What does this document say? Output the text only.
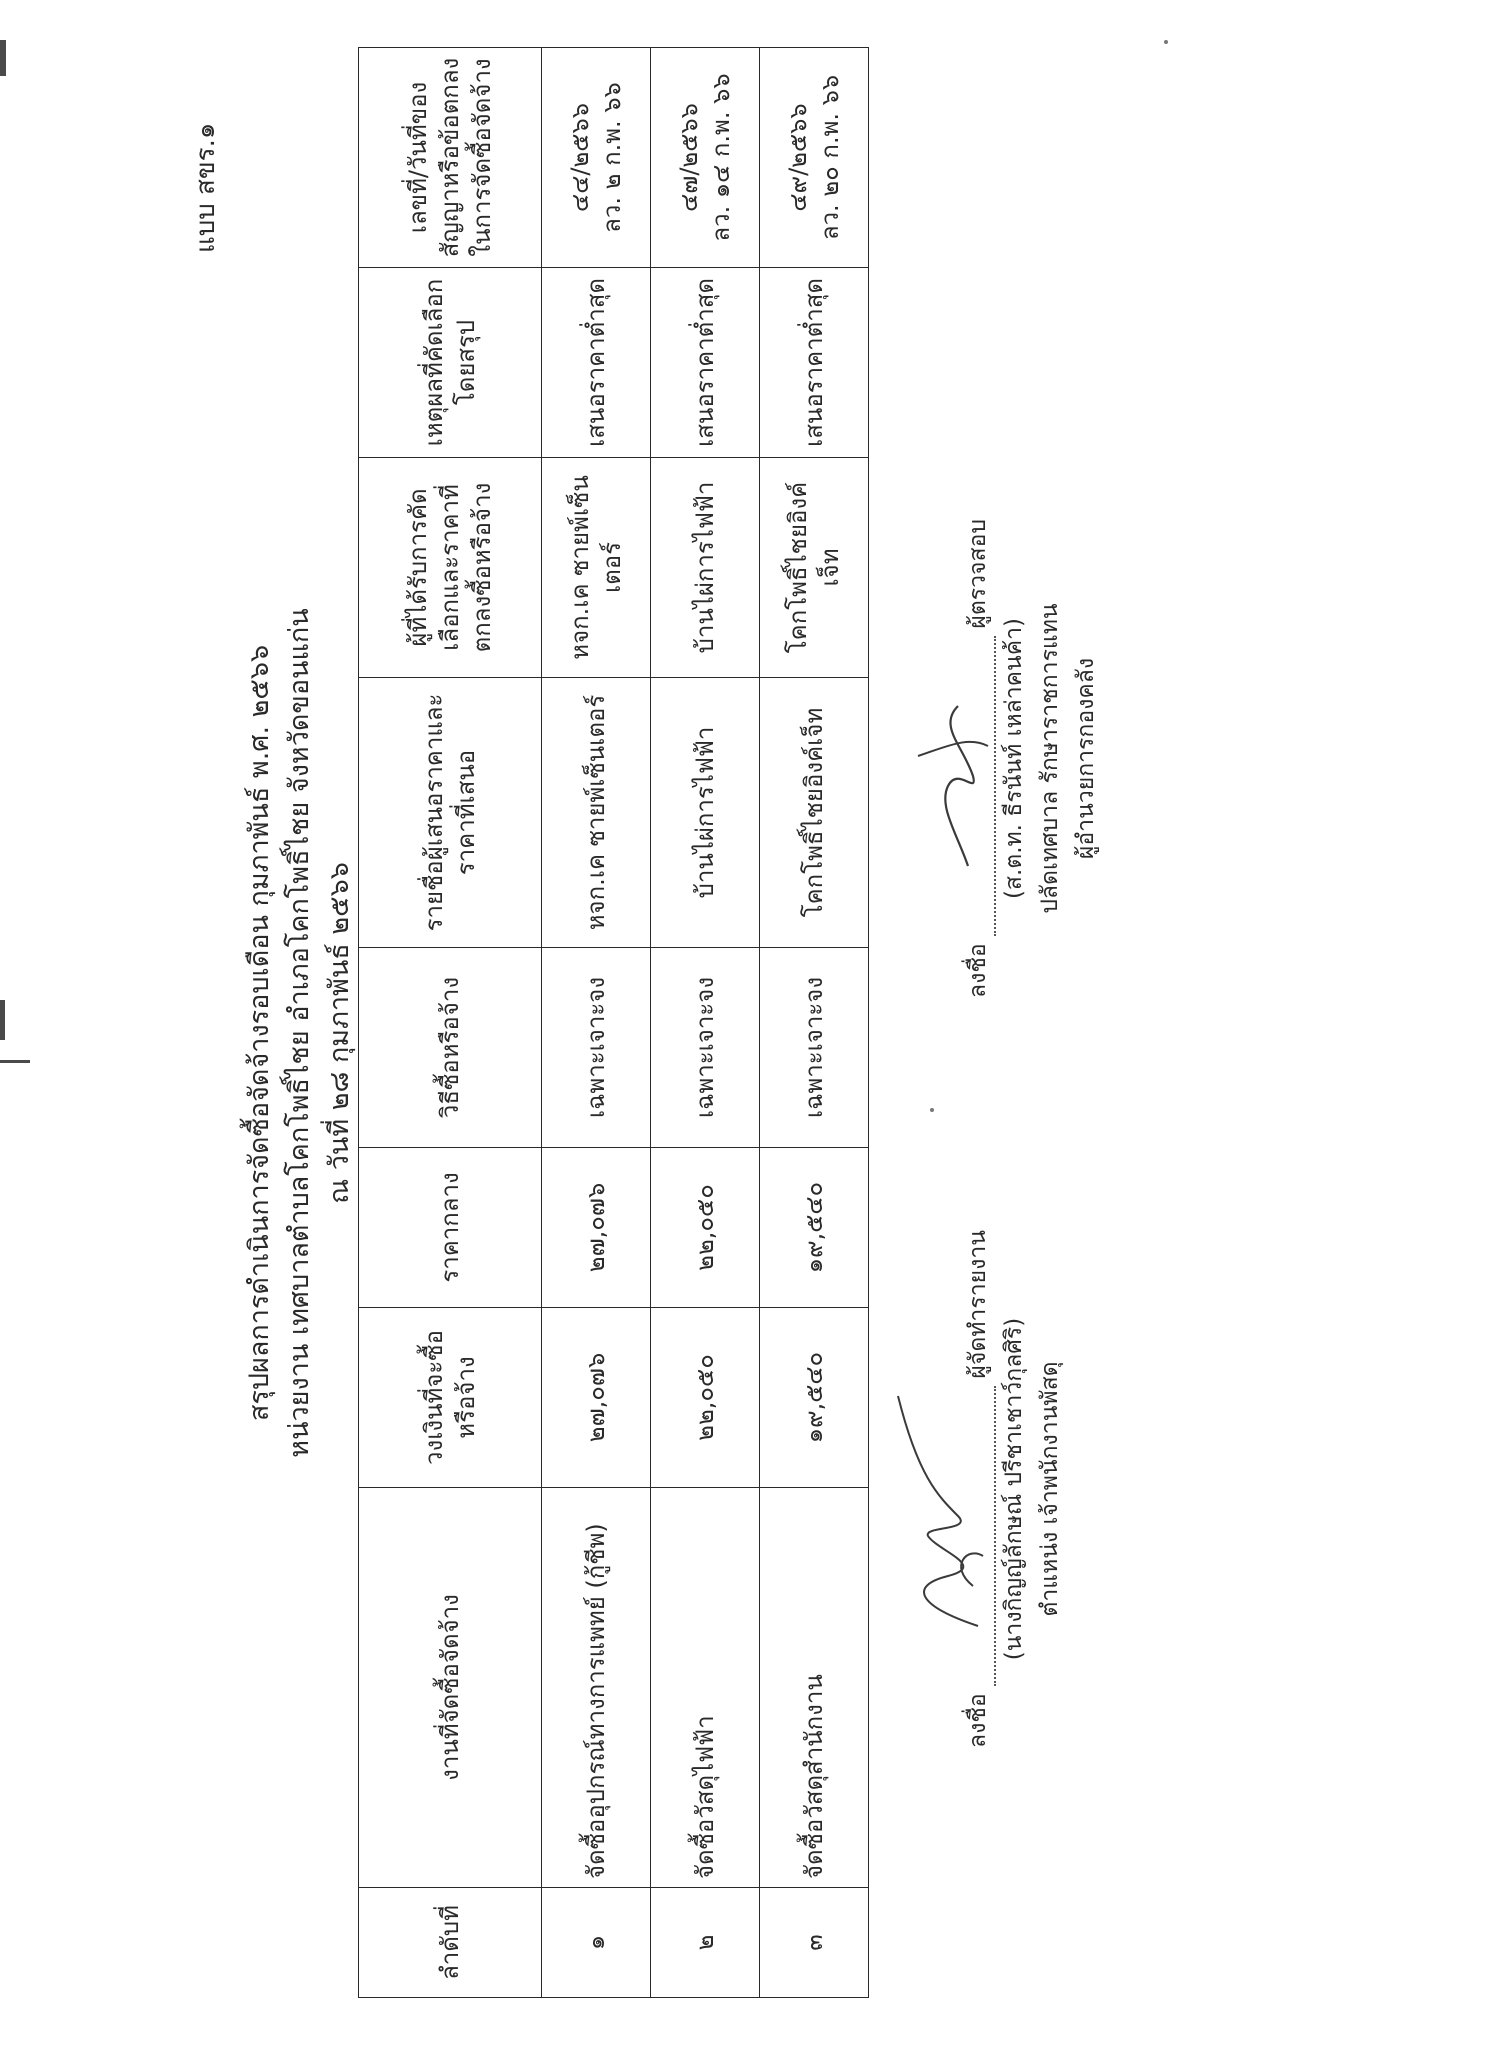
แบบ สขร.๑
สรุปผลการดำเนินการจัดซื้อจัดจ้างรอบเดือน กุมภาพันธ์ พ.ศ. ๒๕๖๖ หน่วยงาน เทศบาลตำบลโคกโพธิ์ไชย อำเภอโคกโพธิ์ไชย จังหวัดขอนแก่น ณ วันที่ ๒๘ กุมภาพันธ์ ๒๕๖๖
ลำดับที่	งานที่จัดซื้อจัดจ้าง	วงเงินที่จะซื้อหรือจ้าง	ราคากลาง	วิธีซื้อหรือจ้าง	รายชื่อผู้เสนอราคาและราคาที่เสนอ	ผู้ที่ได้รับการคัดเลือกและราคาที่ตกลงซื้อหรือจ้าง	เหตุผลที่คัดเลือกโดยสรุป	เลขที่/วันที่ของสัญญาหรือข้อตกลงในการจัดซื้อจัดจ้าง
๑	จัดซื้ออุปกรณ์ทางการแพทย์ (กู้ชีพ)	๒๗,๐๗๖	๒๗,๐๗๖	เฉพาะเจาะจง	หจก.เค ซายพ์เซ็นเตอร์	หจก.เค ซายพ์เซ็น เตอร์	เสนอราคาต่ำสุด	๔๔/๒๕๖๖ ลว. ๒ ก.พ. ๖๖

๒	จัดซื้อวัสดุไฟฟ้า	๒๒,๐๕๐	๒๒,๐๕๐	เฉพาะเจาะจง	บ้านไผ่การไฟฟ้า	บ้านไผ่การไฟฟ้า	เสนอราคาต่ำสุด	๔๗/๒๕๖๖ ลว. ๑๔ ก.พ. ๖๖

๓	จัดซื้อวัสดุสำนักงาน	๑๙,๕๔๐	๑๙,๕๔๐	เฉพาะเจาะจง	โคกโพธิ์ไชยอิงค์เจ็ท	โคกโพธิ์ไชยอิงค์เจ็ท	เสนอราคาต่ำสุด	๔๙/๒๕๖๖ ลว. ๒๐ ก.พ. ๖๖
ลงชื่อ
ผู้จัดทำรายงาน
(นางกิญญ์ลักษณ์ ปรีชาเชาว์กุลศิริ) ตำแหน่ง เจ้าพนักงานพัสดุ
ลงชื่อ
ผู้ตรวจสอบ
(ส.ต.ท. ธีรนันท์ เหล่าคนค้า) ปลัดเทศบาล รักษาราชการแทน ผู้อำนวยการกองคลัง
